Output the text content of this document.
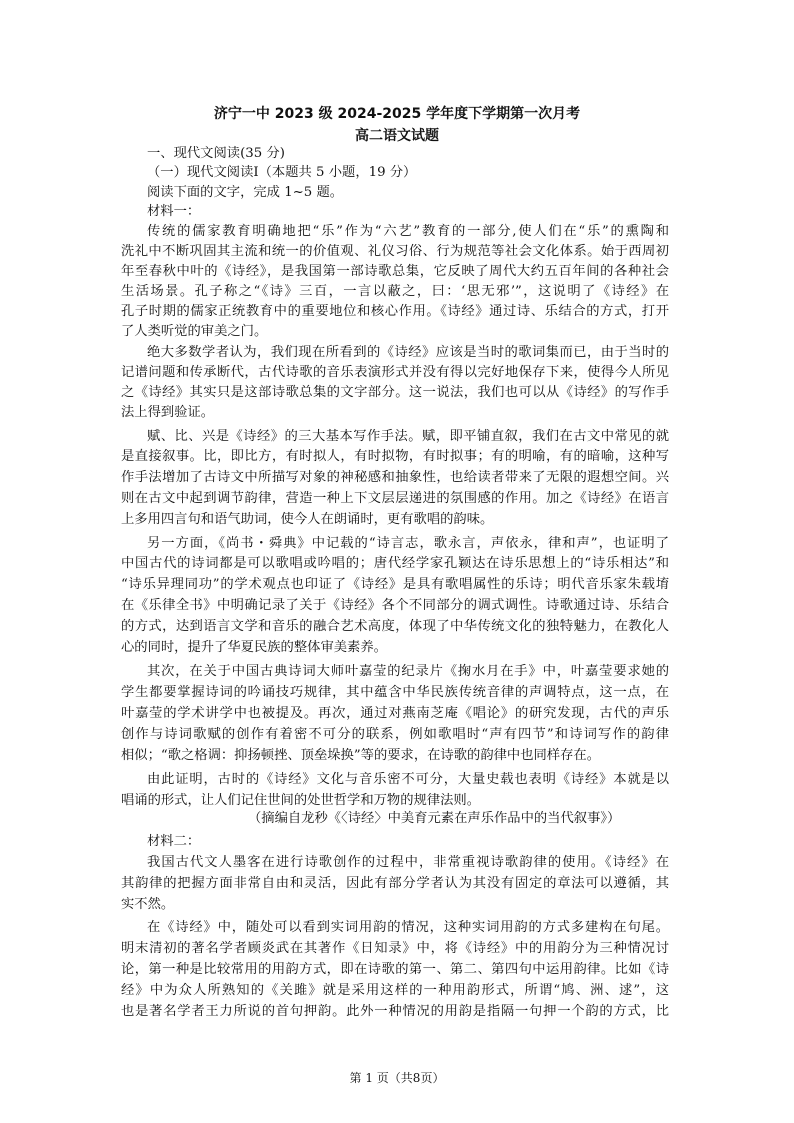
济宁一中 2023 级 2024-2025 学年度下学期第一次月考
高二语文试题
一、现代文阅读(35 分)
（一）现代文阅读Ⅰ（本题共 5 小题，19 分）
阅读下面的文字，完成 1~5 题。
材料一：
传统的儒家教育明确地把“乐”作为“六艺”教育的一部分,使人们在“乐”的熏陶和
洗礼中不断巩固其主流和统一的价值观、礼仪习俗、行为规范等社会文化体系。始于西周初
年至春秋中叶的《诗经》，是我国第一部诗歌总集，它反映了周代大约五百年间的各种社会
生活场景。孔子称之“《诗》三百，一言以蔽之，曰：‘思无邪’”，这说明了《诗经》在
孔子时期的儒家正统教育中的重要地位和核心作用。《诗经》通过诗、乐结合的方式，打开
了人类听觉的审美之门。
绝大多数学者认为，我们现在所看到的《诗经》应该是当时的歌词集而已，由于当时的
记谱问题和传承断代，古代诗歌的音乐表演形式并没有得以完好地保存下来，使得今人所见
之《诗经》其实只是这部诗歌总集的文字部分。这一说法，我们也可以从《诗经》的写作手
法上得到验证。
赋、比、兴是《诗经》的三大基本写作手法。赋，即平铺直叙，我们在古文中常见的就
是直接叙事。比，即比方，有时拟人，有时拟物，有时拟事；有的明喻，有的暗喻，这种写
作手法增加了古诗文中所描写对象的神秘感和抽象性，也给读者带来了无限的遐想空间。兴
则在古文中起到调节韵律，营造一种上下文层层递进的氛围感的作用。加之《诗经》在语言
上多用四言句和语气助词，使今人在朗诵时，更有歌唱的韵味。
另一方面，《尚书・舜典》中记载的“诗言志，歌永言，声依永，律和声”，也证明了
中国古代的诗词都是可以歌唱或吟唱的；唐代经学家孔颖达在诗乐思想上的“诗乐相达”和
“诗乐异理同功”的学术观点也印证了《诗经》是具有歌唱属性的乐诗；明代音乐家朱载堉
在《乐律全书》中明确记录了关于《诗经》各个不同部分的调式调性。诗歌通过诗、乐结合
的方式，达到语言文学和音乐的融合艺术高度，体现了中华传统文化的独特魅力，在教化人
心的同时，提升了华夏民族的整体审美素养。
其次，在关于中国古典诗词大师叶嘉莹的纪录片《掬水月在手》中，叶嘉莹要求她的
学生都要掌握诗词的吟诵技巧规律，其中蕴含中华民族传统音律的声调特点，这一点，在
叶嘉莹的学术讲学中也被提及。再次，通过对燕南芝庵《唱论》的研究发现，古代的声乐
创作与诗词歌赋的创作有着密不可分的联系，例如歌唱时“声有四节”和诗词写作的韵律
相似；“歌之格调：抑扬顿挫、顶垒垛换”等的要求，在诗歌的韵律中也同样存在。
由此证明，古时的《诗经》文化与音乐密不可分，大量史载也表明《诗经》本就是以
唱诵的形式，让人们记住世间的处世哲学和万物的规律法则。
（摘编自龙秒《〈诗经〉中美育元素在声乐作品中的当代叙事》）
材料二：
我国古代文人墨客在进行诗歌创作的过程中，非常重视诗歌韵律的使用。《诗经》在
其韵律的把握方面非常自由和灵活，因此有部分学者认为其没有固定的章法可以遵循，其
实不然。
在《诗经》中，随处可以看到实词用韵的情况，这种实词用韵的方式多建构在句尾。
明末清初的著名学者顾炎武在其著作《日知录》中，将《诗经》中的用韵分为三种情况讨
论，第一种是比较常用的用韵方式，即在诗歌的第一、第二、第四句中运用韵律。比如《诗
经》中为众人所熟知的《关雎》就是采用这样的一种用韵形式，所谓“鸠、洲、逑”，这
也是著名学者王力所说的首句押韵。此外一种情况的用韵是指隔一句押一个韵的方式，比
第 1 页（共8页）
